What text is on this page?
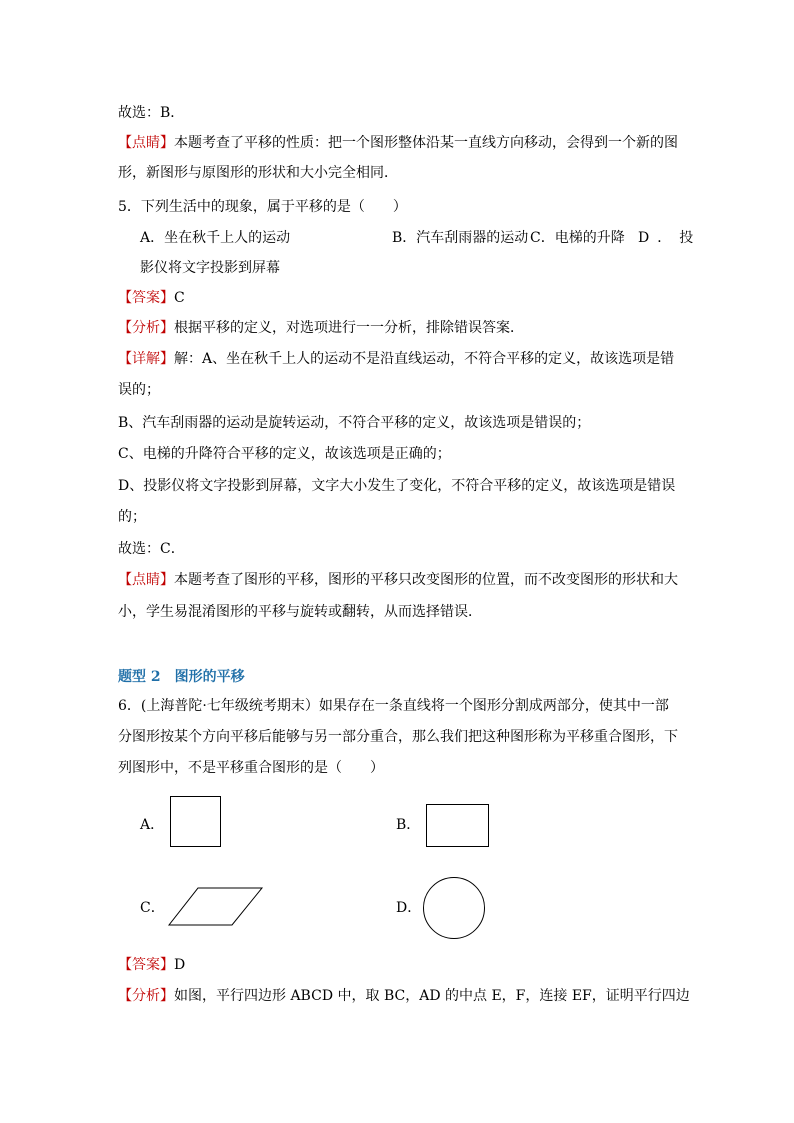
故选：B．
【点睛】本题考查了平移的性质：把一个图形整体沿某一直线方向移动，会得到一个新的图
形，新图形与原图形的形状和大小完全相同．
5．下列生活中的现象，属于平移的是（　　）
A．坐在秋千上人的运动	B．汽车刮雨器的运动 C．电梯的升降 D．投
影仪将文字投影到屏幕
【答案】C
【分析】根据平移的定义，对选项进行一一分析，排除错误答案．
【详解】解：A、坐在秋千上人的运动不是沿直线运动，不符合平移的定义，故该选项是错
误的；
B、汽车刮雨器的运动是旋转运动，不符合平移的定义，故该选项是错误的；
C、电梯的升降符合平移的定义，故该选项是正确的；
D、投影仪将文字投影到屏幕，文字大小发生了变化，不符合平移的定义，故该选项是错误
的；
故选：C．
【点睛】本题考查了图形的平移，图形的平移只改变图形的位置，而不改变图形的形状和大
小，学生易混淆图形的平移与旋转或翻转，从而选择错误．
题型 2　图形的平移
6．(上海普陀·七年级统考期末）如果存在一条直线将一个图形分割成两部分，使其中一部
分图形按某个方向平移后能够与另一部分重合，那么我们把这种图形称为平移重合图形，下
列图形中，不是平移重合图形的是（　　）
A．	B．
C．	D．
【答案】D
【分析】如图，平行四边形 ABCD 中，取 BC，AD 的中点 E，F，连接 EF，证明平行四边
